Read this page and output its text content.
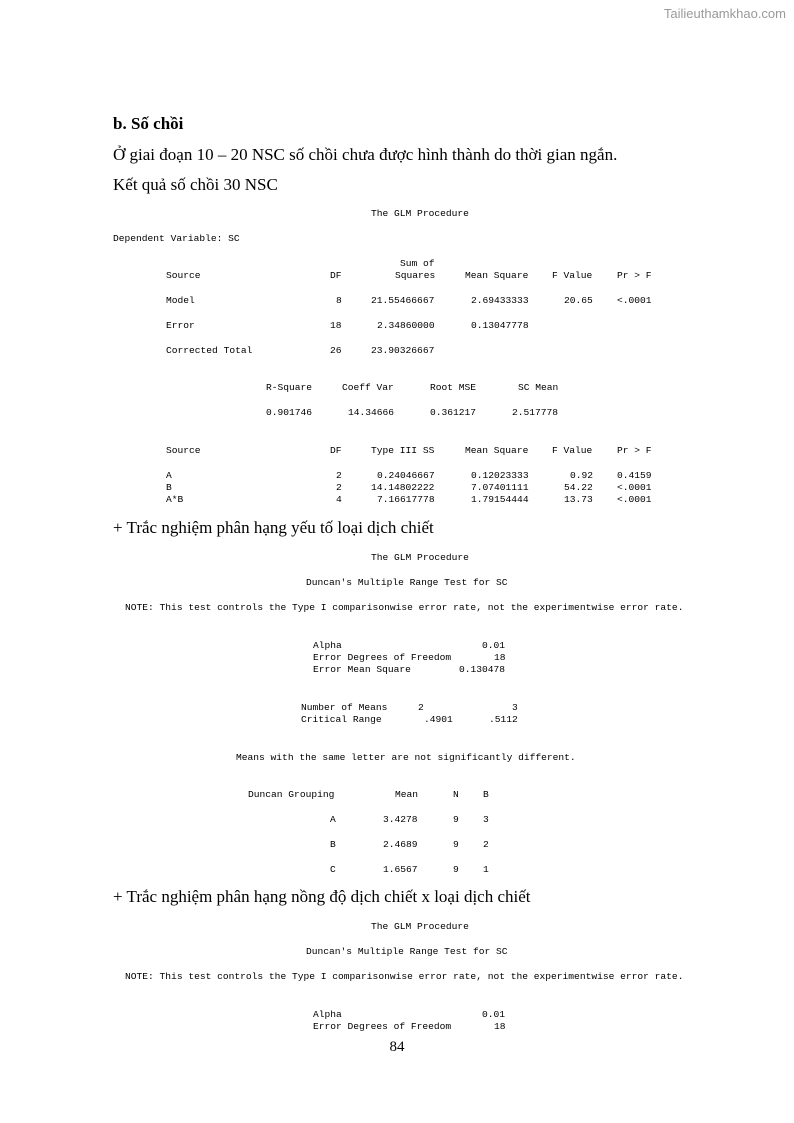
Tailieuthamkhao.com
b. Số chồi
Ở giai đoạn 10 – 20 NSC số chồi chưa được hình thành do thời gian ngắn.
Kết quả số chồi 30 NSC
The GLM Procedure
Dependent Variable: SC
Sum of
Source	DF	Squares	Mean Square F Value	Pr > F
Model	8	21.55466667	2.69433333	20.65	<.0001
Error	18	2.34860000	0.13047778
Corrected Total	26	23.90326667
R-Square	Coeff Var	Root MSE	SC Mean
0.901746	14.34666	0.361217	2.517778
Source	DF	Type III SS	Mean Square F Value	Pr > F
A	2	0.24046667	0.12023333	0.92 0.4159
B	2	14.14802222	7.07401111	54.22	<.0001
A*B	4	7.16617778	1.79154444	13.73	<.0001
+ Trắc nghiệm phân hạng yếu tố loại dịch chiết
The GLM Procedure
Duncan's Multiple Range Test for SC
NOTE: This test controls the Type I comparisonwise error rate, not the experimentwise error rate.
Alpha	0.01
Error Degrees of Freedom	18
Error Mean Square	0.130478
Number of Means	2	3
Critical Range	.4901	.5112
Means with the same letter are not significantly different.
Duncan Grouping	Mean	N	B
A	3.4278	9	3
B	2.4689	9	2
C	1.6567	9	1
+ Trắc nghiệm phân hạng nồng độ dịch chiết x loại dịch chiết
The GLM Procedure
Duncan's Multiple Range Test for SC
NOTE: This test controls the Type I comparisonwise error rate, not the experimentwise error rate.
Alpha	0.01
Error Degrees of Freedom	18
84
